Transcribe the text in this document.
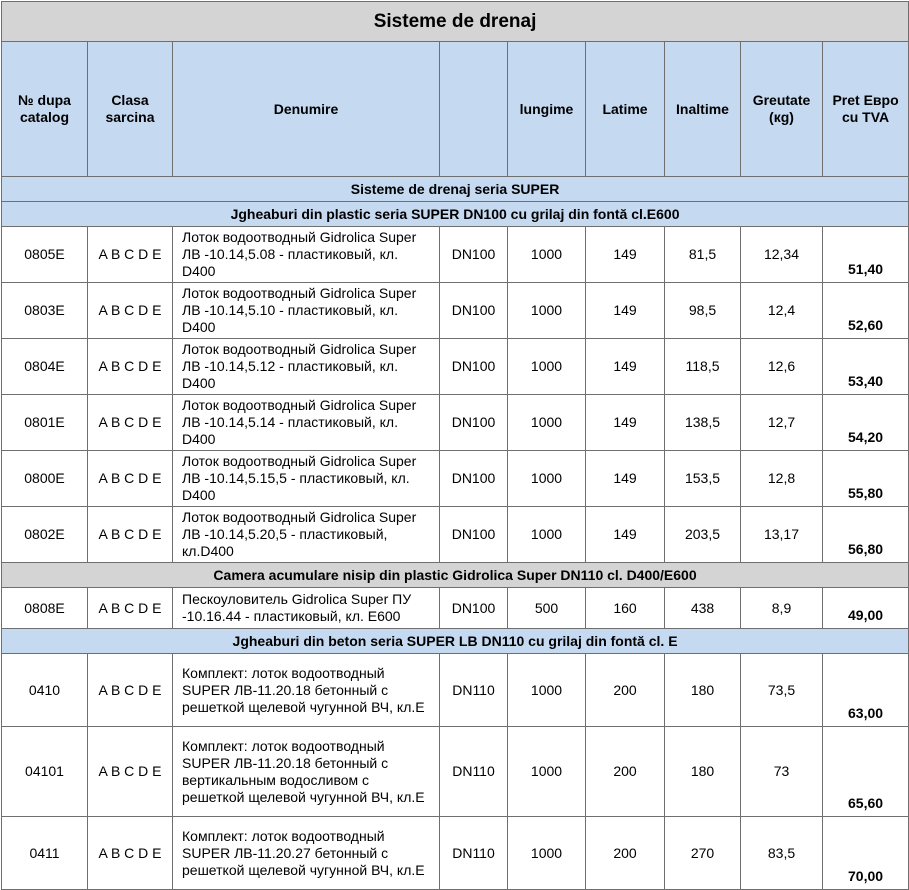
Sisteme de drenaj								
№ dupa catalog	Clasa sarcina	Denumire		lungime	Latime	Inaltime	Greutate (кg)	Pret Евро cu TVA
Sisteme de drenaj seria SUPER								
Jgheaburi din plastic seria SUPER DN100 cu grilaj din fontă cl.E600								
0805E	A B C D E	Лоток водоотводный Gidrolica Super ЛВ -10.14,5.08 - пластиковый, кл. D400	DN100	1000	149	81,5	12,34	51,40
0803E	A B C D E	Лоток водоотводный Gidrolica Super ЛВ -10.14,5.10 - пластиковый, кл. D400	DN100	1000	149	98,5	12,4	52,60
0804E	A B C D E	Лоток водоотводный Gidrolica Super ЛВ -10.14,5.12 - пластиковый, кл. D400	DN100	1000	149	118,5	12,6	53,40
0801E	A B C D E	Лоток водоотводный Gidrolica Super ЛВ -10.14,5.14 - пластиковый, кл. D400	DN100	1000	149	138,5	12,7	54,20
0800E	A B C D E	Лоток водоотводный Gidrolica Super ЛВ -10.14,5.15,5 - пластиковый, кл. D400	DN100	1000	149	153,5	12,8	55,80
0802E	A B C D E	Лоток водоотводный Gidrolica Super ЛВ -10.14,5.20,5 - пластиковый, кл.D400	DN100	1000	149	203,5	13,17	56,80
Camera acumulare nisip din plastic Gidrolica Super DN110 cl. D400/E600								
0808E	A B C D E	Пескоуловитель Gidrolica Super ПУ -10.16.44 - пластиковый, кл. E600	DN100	500	160	438	8,9	49,00
Jgheaburi din beton seria SUPER LB DN110 cu grilaj din fontă cl. E								
0410	A B C D E	Комплект: лоток водоотводный SUPER ЛВ-11.20.18 бетонный с решеткой щелевой чугунной ВЧ, кл.Е	DN110	1000	200	180	73,5	63,00
04101	A B C D E	Комплект: лоток водоотводный SUPER ЛВ-11.20.18 бетонный с вертикальным водосливом с решеткой щелевой чугунной ВЧ, кл.Е	DN110	1000	200	180	73	65,60
0411	A B C D E	Комплект: лоток водоотводный SUPER ЛВ-11.20.27 бетонный с решеткой щелевой чугунной ВЧ, кл.Е	DN110	1000	200	270	83,5	70,00
